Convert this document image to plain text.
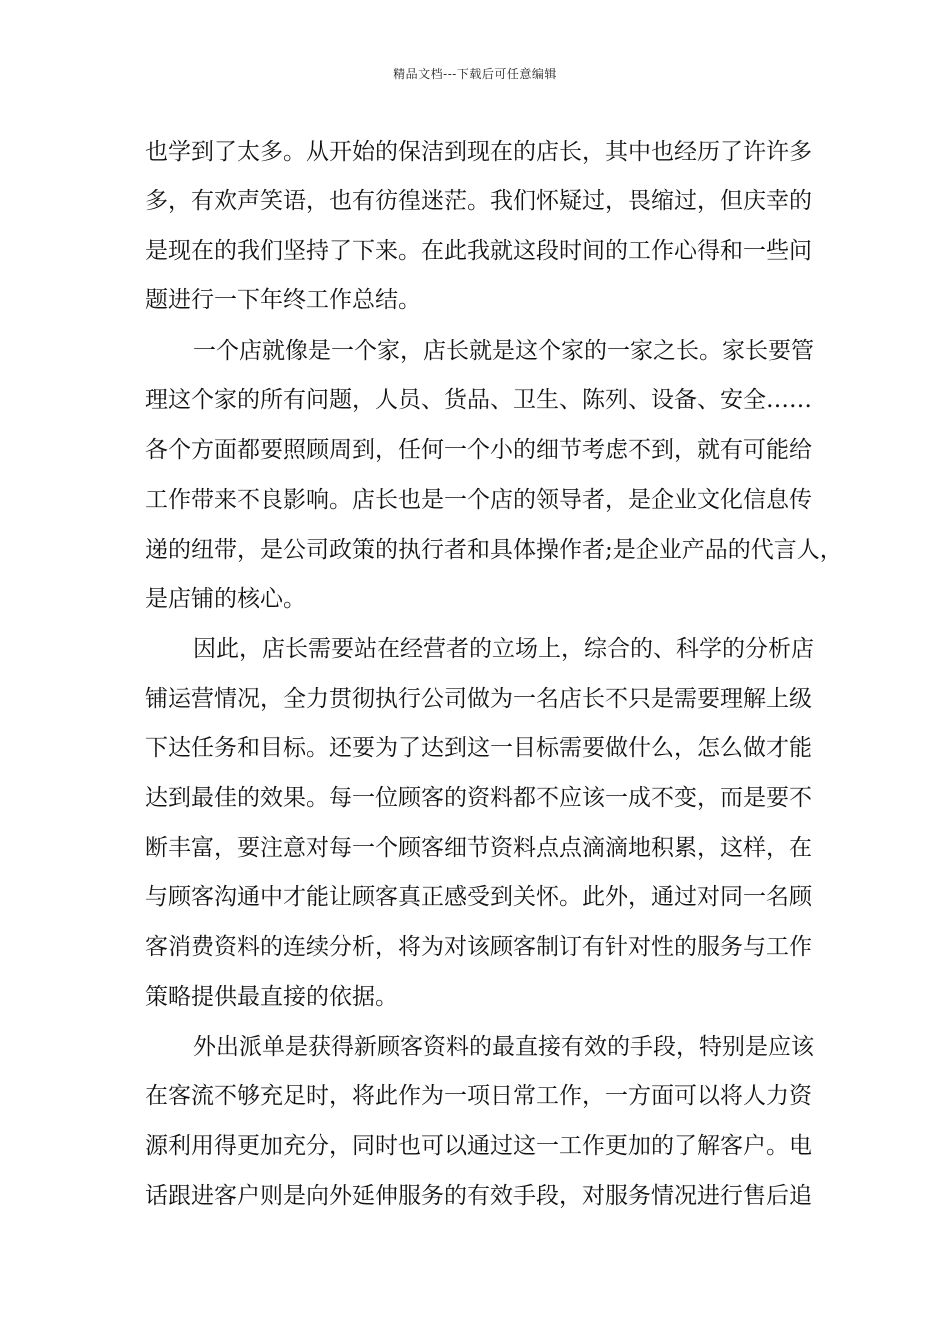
精品文档---下载后可任意编辑
也学到了太多。从开始的保洁到现在的店长，其中也经历了许许多
多，有欢声笑语，也有彷徨迷茫。我们怀疑过，畏缩过，但庆幸的
是现在的我们坚持了下来。在此我就这段时间的工作心得和一些问
题进行一下年终工作总结。
一个店就像是一个家，店长就是这个家的一家之长。家长要管
理这个家的所有问题，人员、货品、卫生、陈列、设备、安全……
各个方面都要照顾周到，任何一个小的细节考虑不到，就有可能给
工作带来不良影响。店长也是一个店的领导者，是企业文化信息传
递的纽带，是公司政策的执行者和具体操作者;是企业产品的代言人，
是店铺的核心。
因此，店长需要站在经营者的立场上，综合的、科学的分析店
铺运营情况，全力贯彻执行公司做为一名店长不只是需要理解上级
下达任务和目标。还要为了达到这一目标需要做什么，怎么做才能
达到最佳的效果。每一位顾客的资料都不应该一成不变，而是要不
断丰富，要注意对每一个顾客细节资料点点滴滴地积累，这样，在
与顾客沟通中才能让顾客真正感受到关怀。此外，通过对同一名顾
客消费资料的连续分析，将为对该顾客制订有针对性的服务与工作
策略提供最直接的依据。
外出派单是获得新顾客资料的最直接有效的手段，特别是应该
在客流不够充足时，将此作为一项日常工作，一方面可以将人力资
源利用得更加充分，同时也可以通过这一工作更加的了解客户。电
话跟进客户则是向外延伸服务的有效手段，对服务情况进行售后追
